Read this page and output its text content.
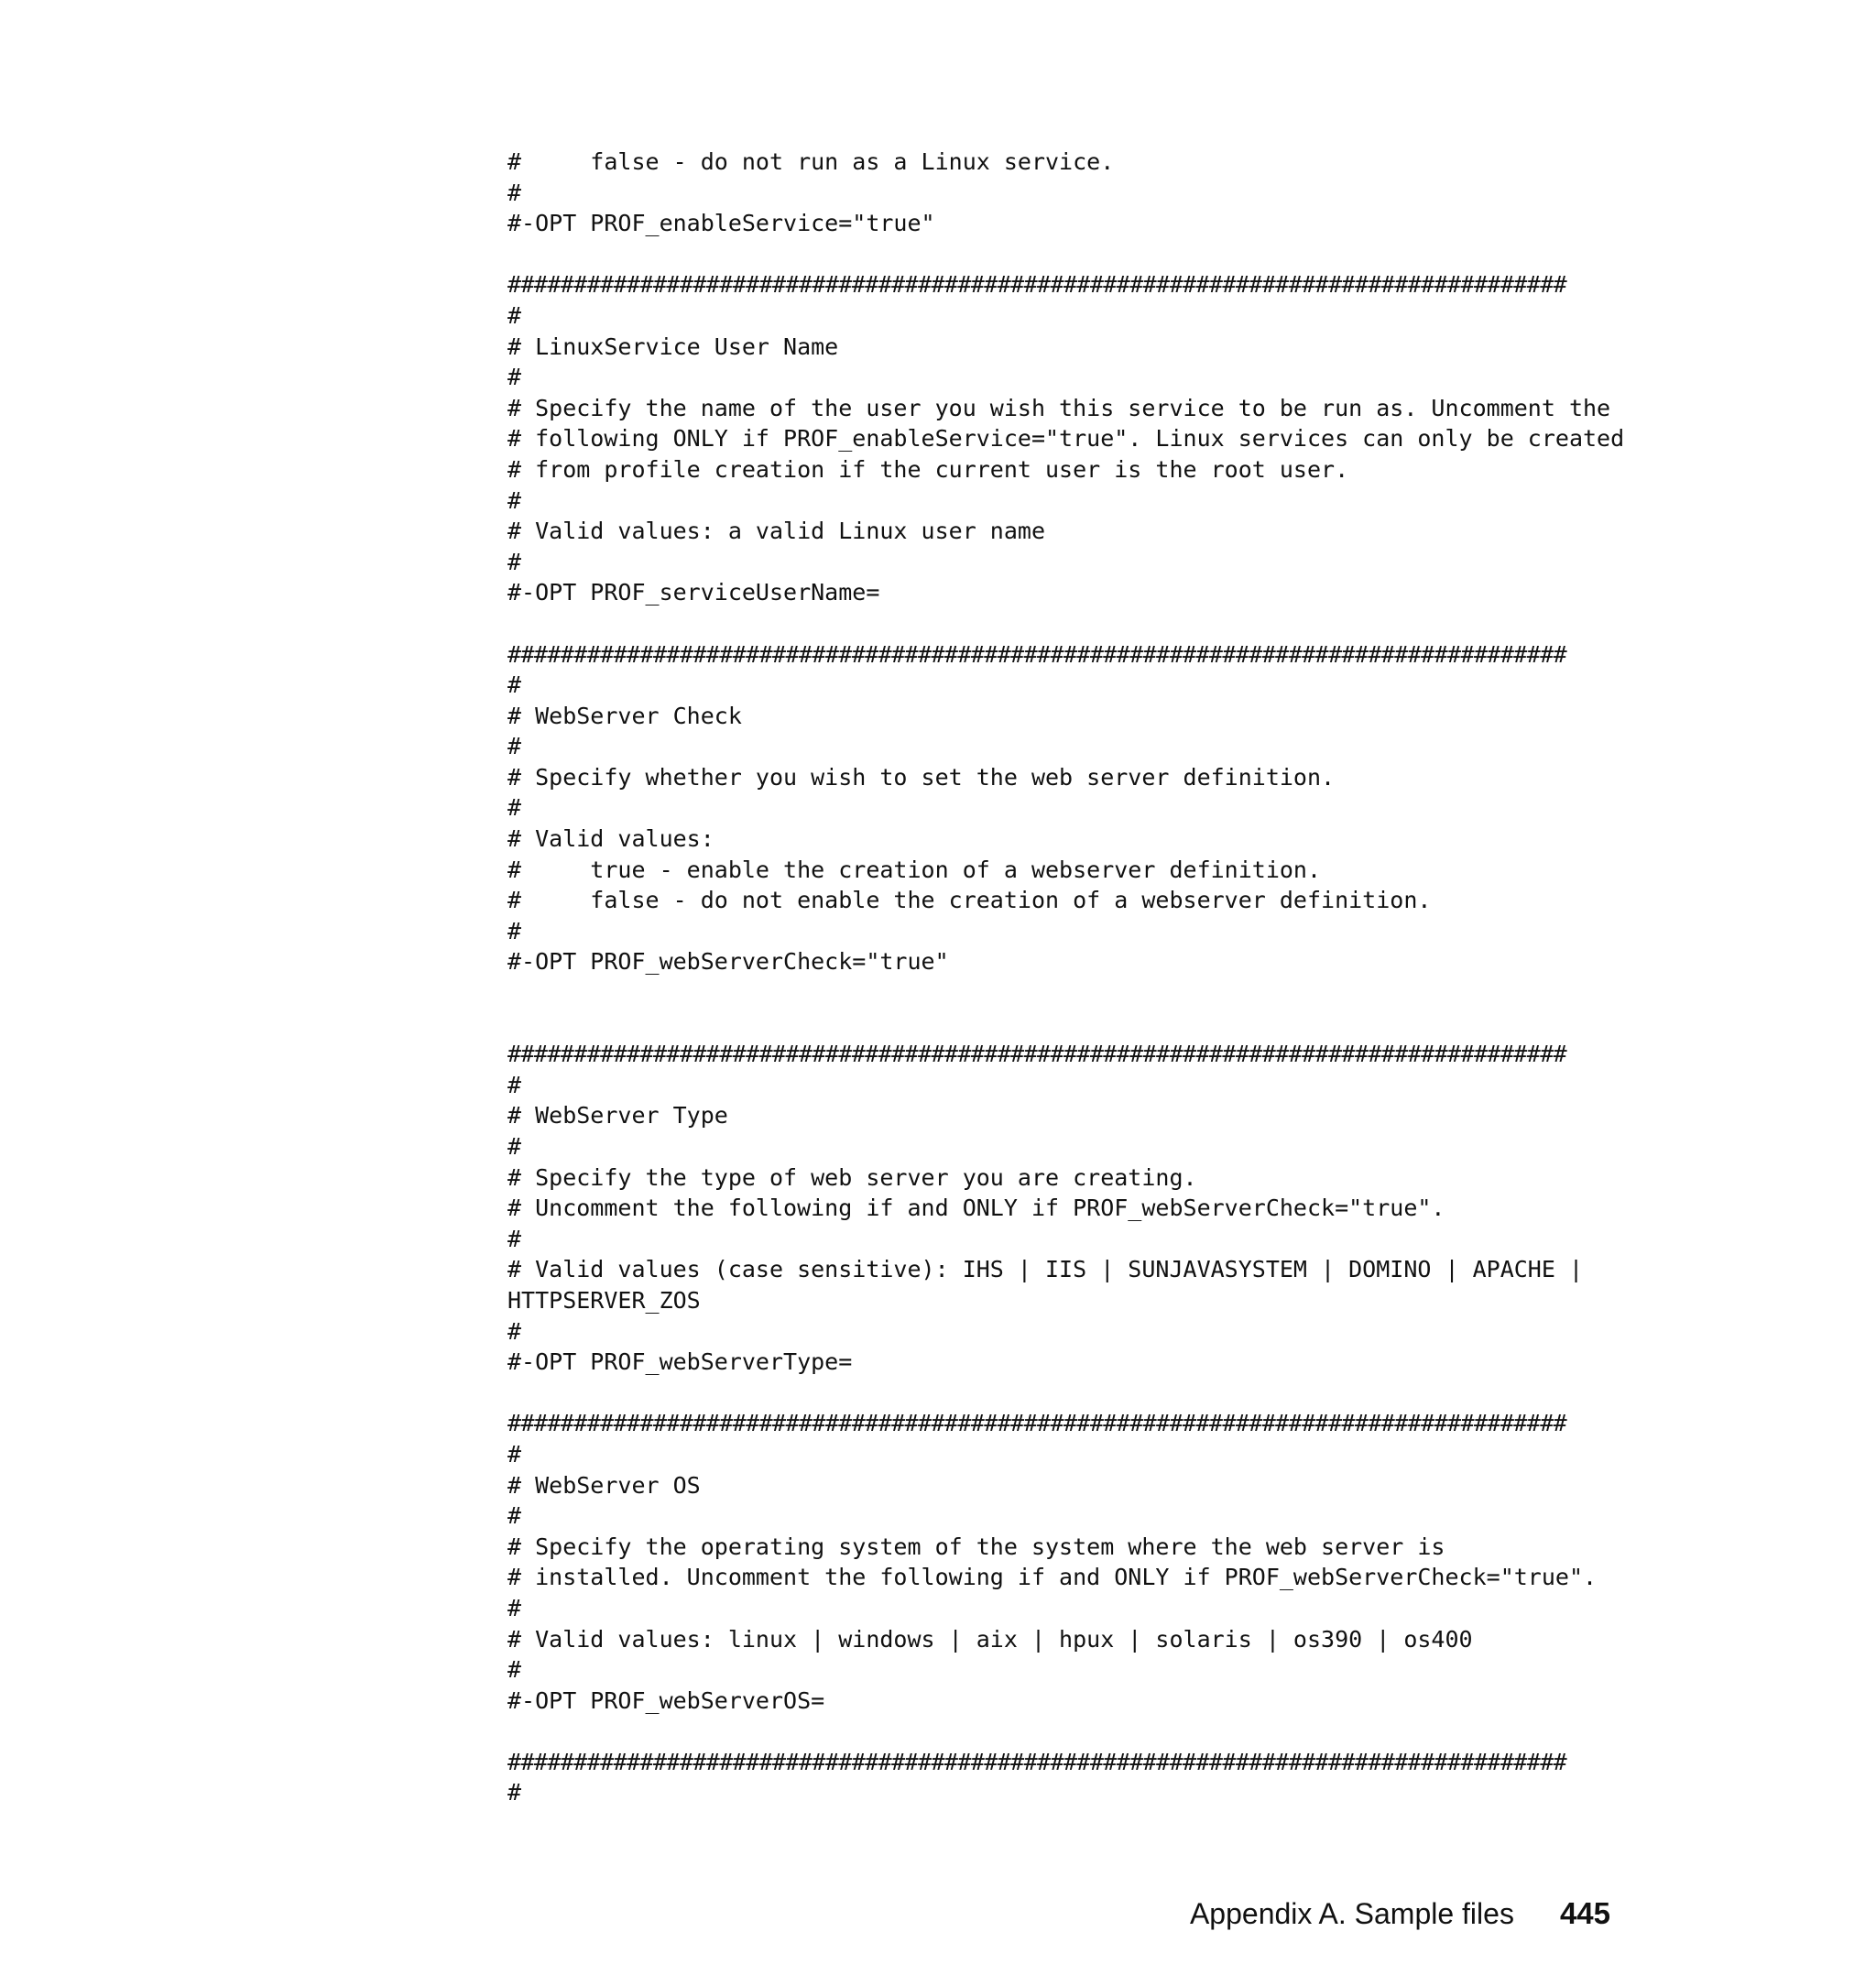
#     false - do not run as a Linux service.
#
#-OPT PROF_enableService="true"
################################################################################
#
# LinuxService User Name
#
# Specify the name of the user you wish this service to be run as. Uncomment the
# following ONLY if PROF_enableService="true". Linux services can only be created
# from profile creation if the current user is the root user.
#
# Valid values: a valid Linux user name
#
#-OPT PROF_serviceUserName=
################################################################################
#
# WebServer Check
#
# Specify whether you wish to set the web server definition.
#
# Valid values:
#     true - enable the creation of a webserver definition.
#     false - do not enable the creation of a webserver definition.
#
#-OPT PROF_webServerCheck="true"
################################################################################
#
# WebServer Type
#
# Specify the type of web server you are creating.
# Uncomment the following if and ONLY if PROF_webServerCheck="true".
#
# Valid values (case sensitive): IHS | IIS | SUNJAVASYSTEM | DOMINO | APACHE |
HTTPSERVER_ZOS
#
#-OPT PROF_webServerType=
################################################################################
#
# WebServer OS
#
# Specify the operating system of the system where the web server is
# installed. Uncomment the following if and ONLY if PROF_webServerCheck="true".
#
# Valid values: linux | windows | aix | hpux | solaris | os390 | os400
#
#-OPT PROF_webServerOS=
################################################################################
#
Appendix A. Sample files 445
